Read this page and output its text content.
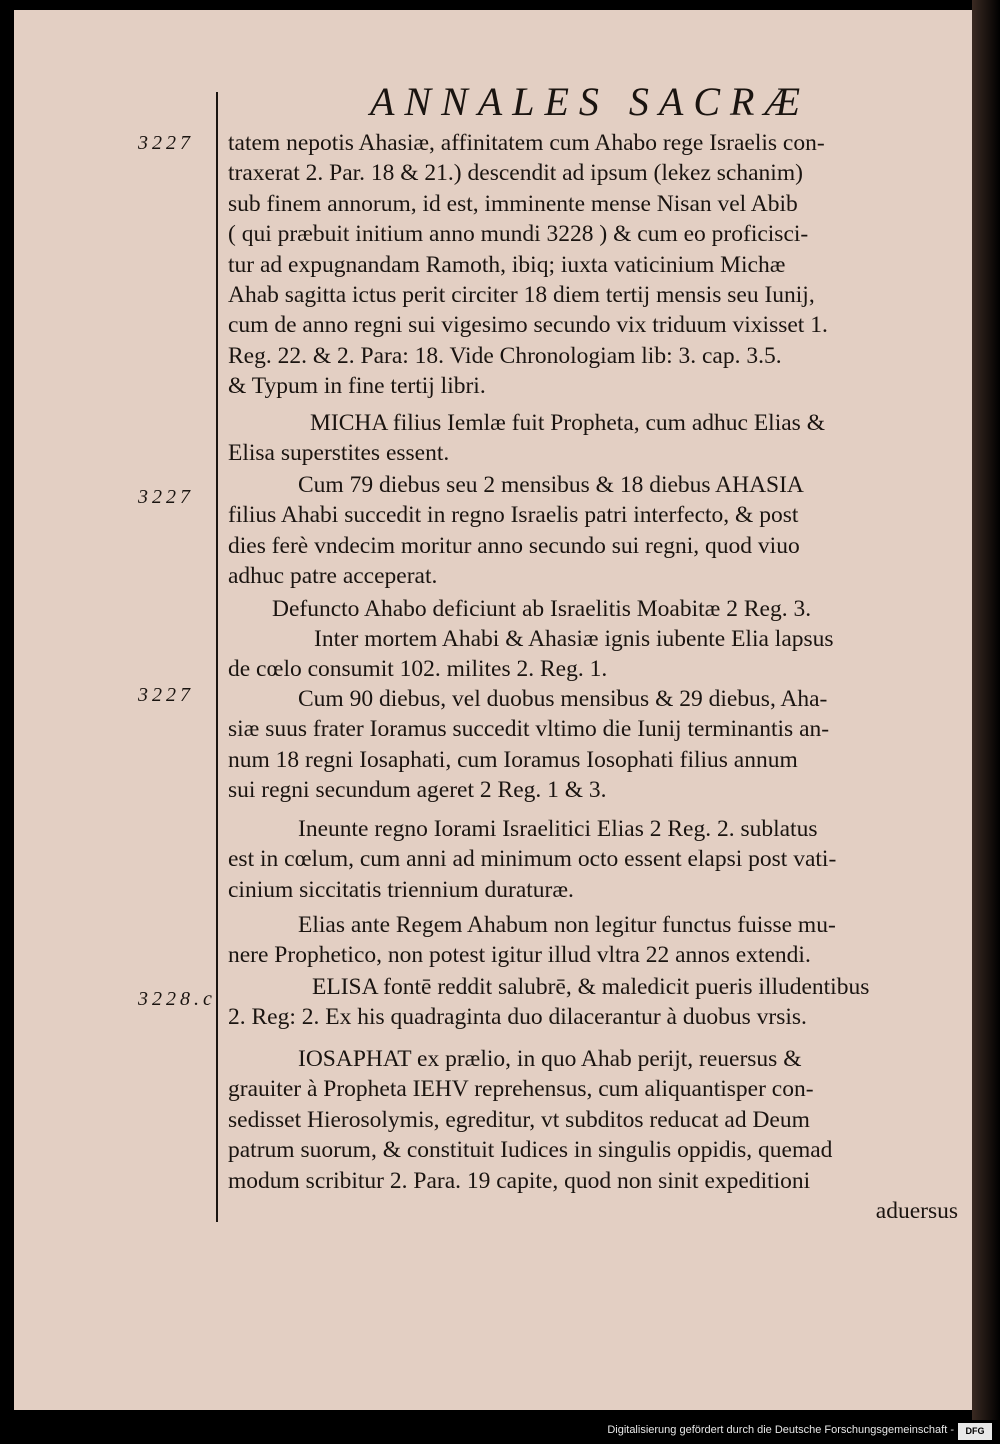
ANNALES SACRÆ
3227
3227
3227
3228.c
tatem nepotis Ahasiæ, affinitatem cum Ahabo rege Israelis con-
traxerat 2. Par. 18 & 21.) descendit ad ipsum (lekez schanim)
sub finem annorum, id est, imminente mense Nisan vel Abib
( qui præbuit initium anno mundi 3228 ) & cum eo proficisci-
tur ad expugnandam Ramoth, ibiq; iuxta vaticinium Michæ
Ahab sagitta ictus perit circiter 18 diem tertij mensis seu Iunij,
cum de anno regni sui vigesimo secundo vix triduum vixisset 1.
Reg. 22. & 2. Para: 18. Vide Chronologiam lib: 3. cap. 3.5.
& Typum in fine tertij libri.
MICHA filius Iemlæ fuit Propheta, cum adhuc Elias &
Elisa superstites essent.
Cum 79 diebus seu 2 mensibus & 18 diebus AHASIA
filius Ahabi succedit in regno Israelis patri interfecto, & post
dies ferè vndecim moritur anno secundo sui regni, quod viuo
adhuc patre acceperat.
Defuncto Ahabo deficiunt ab Israelitis Moabitæ 2 Reg. 3.
Inter mortem Ahabi & Ahasiæ ignis iubente Elia lapsus
de cœlo consumit 102. milites 2. Reg. 1.
Cum 90 diebus, vel duobus mensibus & 29 diebus, Aha-
siæ suus frater Ioramus succedit vltimo die Iunij terminantis an-
num 18 regni Iosaphati, cum Ioramus Iosophati filius annum
sui regni secundum ageret 2 Reg. 1 & 3.
Ineunte regno Iorami Israelitici Elias 2 Reg. 2. sublatus
est in cœlum, cum anni ad minimum octo essent elapsi post vati-
cinium siccitatis triennium duraturæ.
Elias ante Regem Ahabum non legitur functus fuisse mu-
nere Prophetico, non potest igitur illud vltra 22 annos extendi.
ELISA fontē reddit salubrē, & maledicit pueris illudentibus
2. Reg: 2. Ex his quadraginta duo dilacerantur à duobus vrsis.
IOSAPHAT ex prælio, in quo Ahab perijt, reuersus &
grauiter à Propheta IEHV reprehensus, cum aliquantisper con-
sedisset Hierosolymis, egreditur, vt subditos reducat ad Deum
patrum suorum, & constituit Iudices in singulis oppidis, quemad
modum scribitur 2. Para. 19 capite, quod non sinit expeditioni
aduersus
Digitalisierung gefördert durch die Deutsche Forschungsgemeinschaft -	DFG
